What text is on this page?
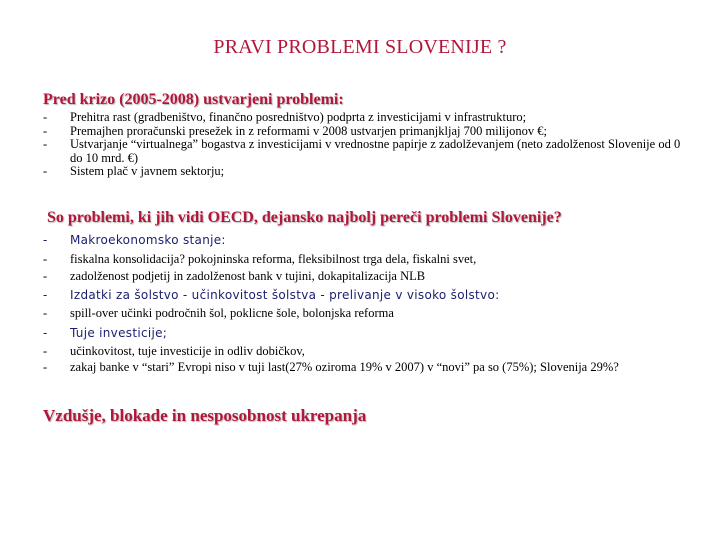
PRAVI PROBLEMI SLOVENIJE ?
Pred krizo (2005-2008) ustvarjeni problemi:
- Prehitra rast (gradbeništvo, finančno posredništvo) podprta z investicijami v infrastrukturo;
- Premajhen proračunski presežek in z reformami v 2008 ustvarjen primanjkljaj 700 milijonov €;
- Ustvarjanje “virtualnega” bogastva z investicijami v vrednostne papirje z zadolževanjem (neto zadolženost Slovenije od 0 do 10 mrd. €)
- Sistem plač v javnem sektorju;
So problemi, ki jih vidi OECD, dejansko najbolj pereči problemi Slovenije?
- Makroekonomsko stanje:
- fiskalna konsolidacija? pokojninska reforma, fleksibilnost trga dela, fiskalni svet,
- zadolženost podjetij in zadolženost bank v tujini, dokapitalizacija NLB
- Izdatki za šolstvo - učinkovitost šolstva - prelivanje v visoko šolstvo:
- spill-over učinki področnih šol, poklicne šole, bolonjska reforma
- Tuje investicije;
- učinkovitost, tuje investicije in odliv dobičkov,
- zakaj banke v “stari” Evropi niso v tuji last(27% oziroma 19% v 2007) v “novi” pa so (75%); Slovenija 29%?
Vzdušje, blokade in nesposobnost ukrepanja
